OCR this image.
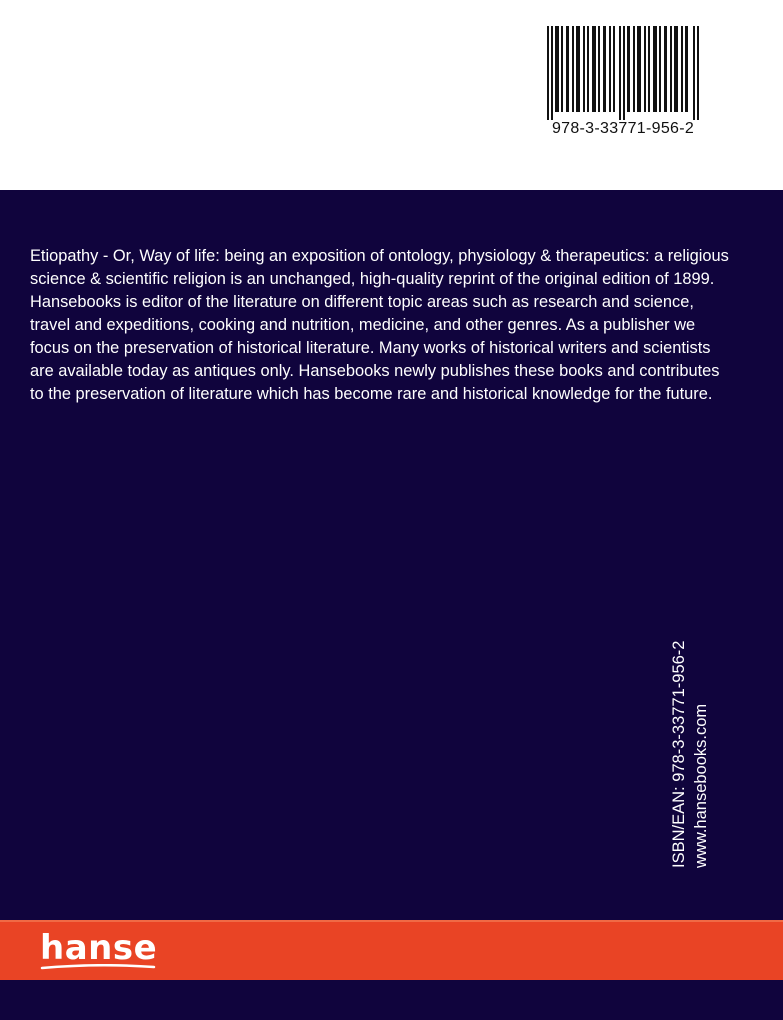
978-3-33771-956-2

Etiopathy - Or, Way of life: being an exposition of ontology, physiology & therapeutics: a religious science & scientific religion is an unchanged, high-quality reprint of the original edition of 1899.

Hansebooks is editor of the literature on different topic areas such as research and science, travel and expeditions, cooking and nutrition, medicine, and other genres. As a publisher we focus on the preservation of historical literature. Many works of historical writers and scientists are available today as antiques only. Hansebooks newly publishes these books and contributes to the preservation of literature which has become rare and historical knowledge for the future.

ISBN/EAN: 978-3-33771-956-2 www.hansebooks.com
hanse
